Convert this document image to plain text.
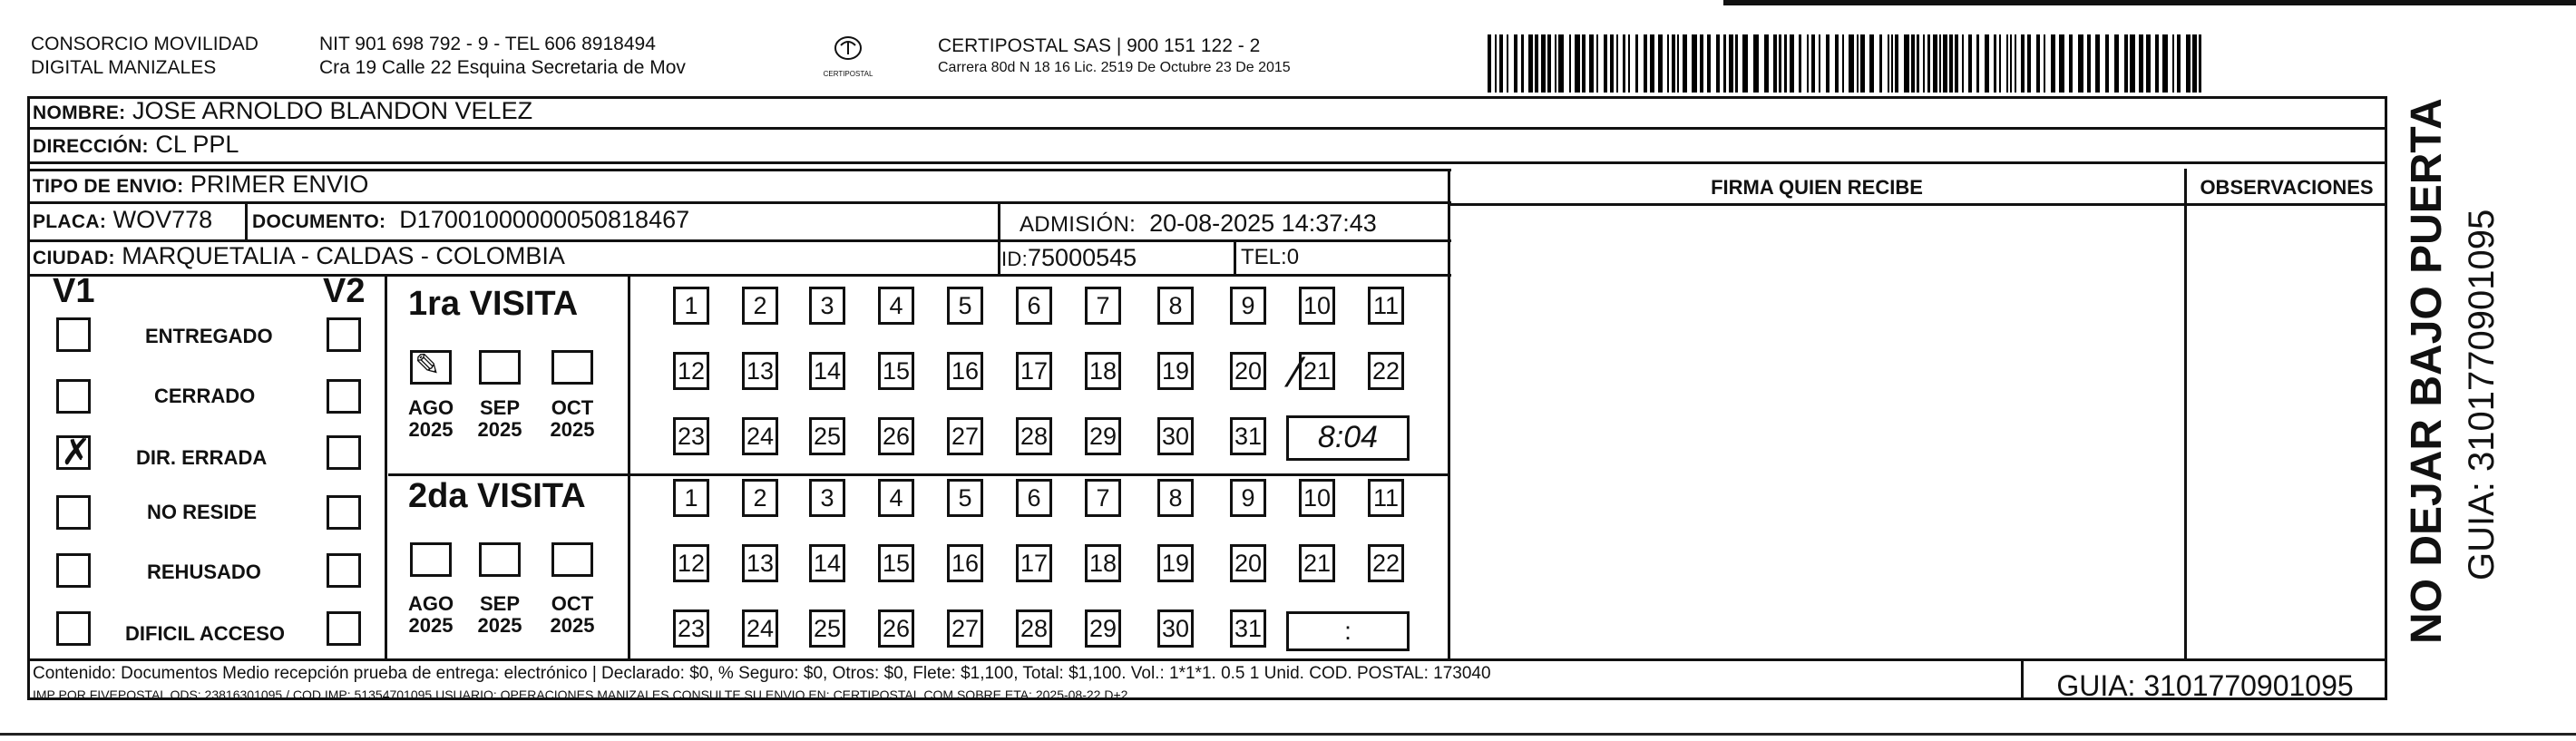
CONSORCIO MOVILIDAD
DIGITAL MANIZALES
NIT 901 698 792 - 9 - TEL 606 8918494
Cra 19 Calle 22 Esquina Secretaria de Mov	CERTIPOSTAL
CERTIPOSTAL SAS | 900 151 122 - 2
Carrera 80d N 18 16 Lic. 2519 De Octubre 23 De 2015
NOMBRE: JOSE ARNOLDO BLANDON VELEZ
DIRECCIÓN: CL PPL
TIPO DE ENVIO: PRIMER ENVIO
PLACA: WOV778 DOCUMENTO: D17001000000050818467	ADMISIÓN: 20-08-2025 14:37:43
CIUDAD: MARQUETALIA - CALDAS - COLOMBIA	ID:75000545	TEL:0
FIRMA QUIEN RECIBE	OBSERVACIONES
V1	V2
ENTREGADO
CERRADO
✗ DIR. ERRADA
NO RESIDE
REHUSADO
DIFICIL ACCESO
1ra VISITA
✎
AGO
2025
SEP
2025
OCT
2025
1	2	3	4	5	6	7	8	9	10 11
12 13 14 15 16 17 18 19 20 21 22
23 24 25 26 27 28 29 30 31	8:04
⁄
2da VISITA
AGO
2025
SEP
2025
OCT
2025
1	2	3	4	5	6	7	8	9	10 11
12 13 14 15 16 17 18 19 20 21 22
23 24 25 26 27 28 29 30 31	:
Contenido: Documentos Medio recepción prueba de entrega: electrónico | Declarado: $0, % Seguro: $0, Otros: $0, Flete: $1,100, Total: $1,100. Vol.: 1*1*1. 0.5 1 Unid. COD. POSTAL: 173040
IMP POR FIVEPOSTAL ODS: 23816301095 / COD.IMP: 51354701095 USUARIO: OPERACIONES MANIZALES CONSULTE SU ENVIO EN: CERTIPOSTAL.COM SOBRE ETA: 2025-08-22 D+2	GUIA: 3101770901095
NO DEJAR BAJO PUERTA GUIA: 3101770901095
